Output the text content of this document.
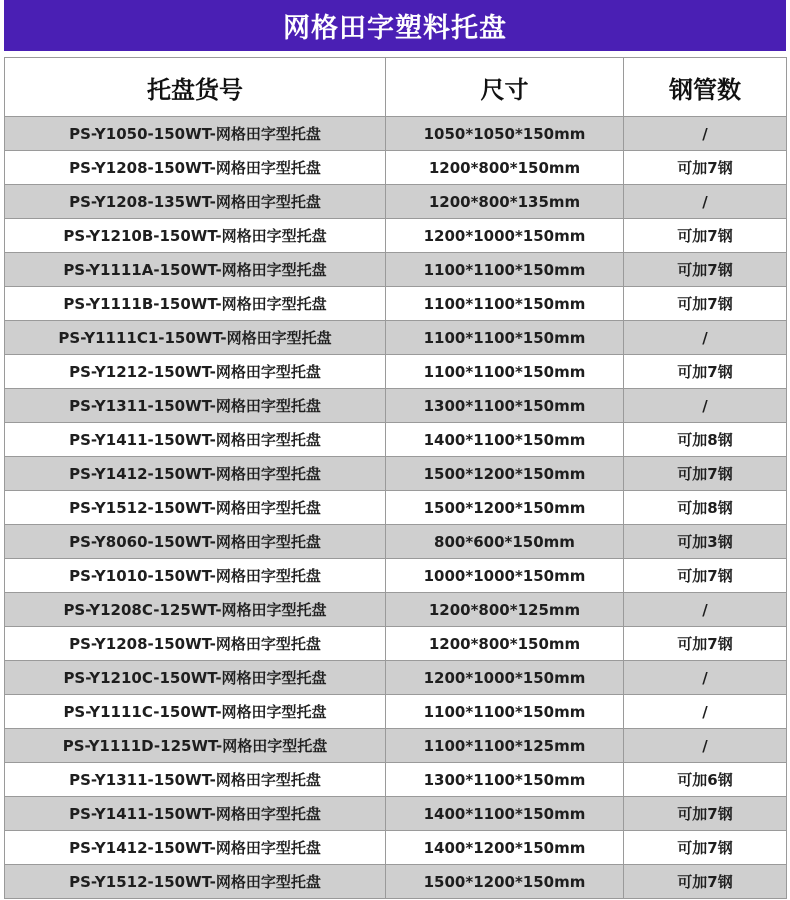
网格田字塑料托盘
托盘货号	尺寸	钢管数
PS-Y1050-150WT-网格田字型托盘	1050*1050*150mm	/
PS-Y1208-150WT-网格田字型托盘	1200*800*150mm	可加7钢
PS-Y1208-135WT-网格田字型托盘	1200*800*135mm	/
PS-Y1210B-150WT-网格田字型托盘	1200*1000*150mm	可加7钢
PS-Y1111A-150WT-网格田字型托盘	1100*1100*150mm	可加7钢
PS-Y1111B-150WT-网格田字型托盘	1100*1100*150mm	可加7钢
PS-Y1111C1-150WT-网格田字型托盘	1100*1100*150mm	/
PS-Y1212-150WT-网格田字型托盘	1100*1100*150mm	可加7钢
PS-Y1311-150WT-网格田字型托盘	1300*1100*150mm	/
PS-Y1411-150WT-网格田字型托盘	1400*1100*150mm	可加8钢
PS-Y1412-150WT-网格田字型托盘	1500*1200*150mm	可加7钢
PS-Y1512-150WT-网格田字型托盘	1500*1200*150mm	可加8钢
PS-Y8060-150WT-网格田字型托盘	800*600*150mm	可加3钢
PS-Y1010-150WT-网格田字型托盘	1000*1000*150mm	可加7钢
PS-Y1208C-125WT-网格田字型托盘	1200*800*125mm	/
PS-Y1208-150WT-网格田字型托盘	1200*800*150mm	可加7钢
PS-Y1210C-150WT-网格田字型托盘	1200*1000*150mm	/
PS-Y1111C-150WT-网格田字型托盘	1100*1100*150mm	/
PS-Y1111D-125WT-网格田字型托盘	1100*1100*125mm	/
PS-Y1311-150WT-网格田字型托盘	1300*1100*150mm	可加6钢
PS-Y1411-150WT-网格田字型托盘	1400*1100*150mm	可加7钢
PS-Y1412-150WT-网格田字型托盘	1400*1200*150mm	可加7钢
PS-Y1512-150WT-网格田字型托盘	1500*1200*150mm	可加7钢
